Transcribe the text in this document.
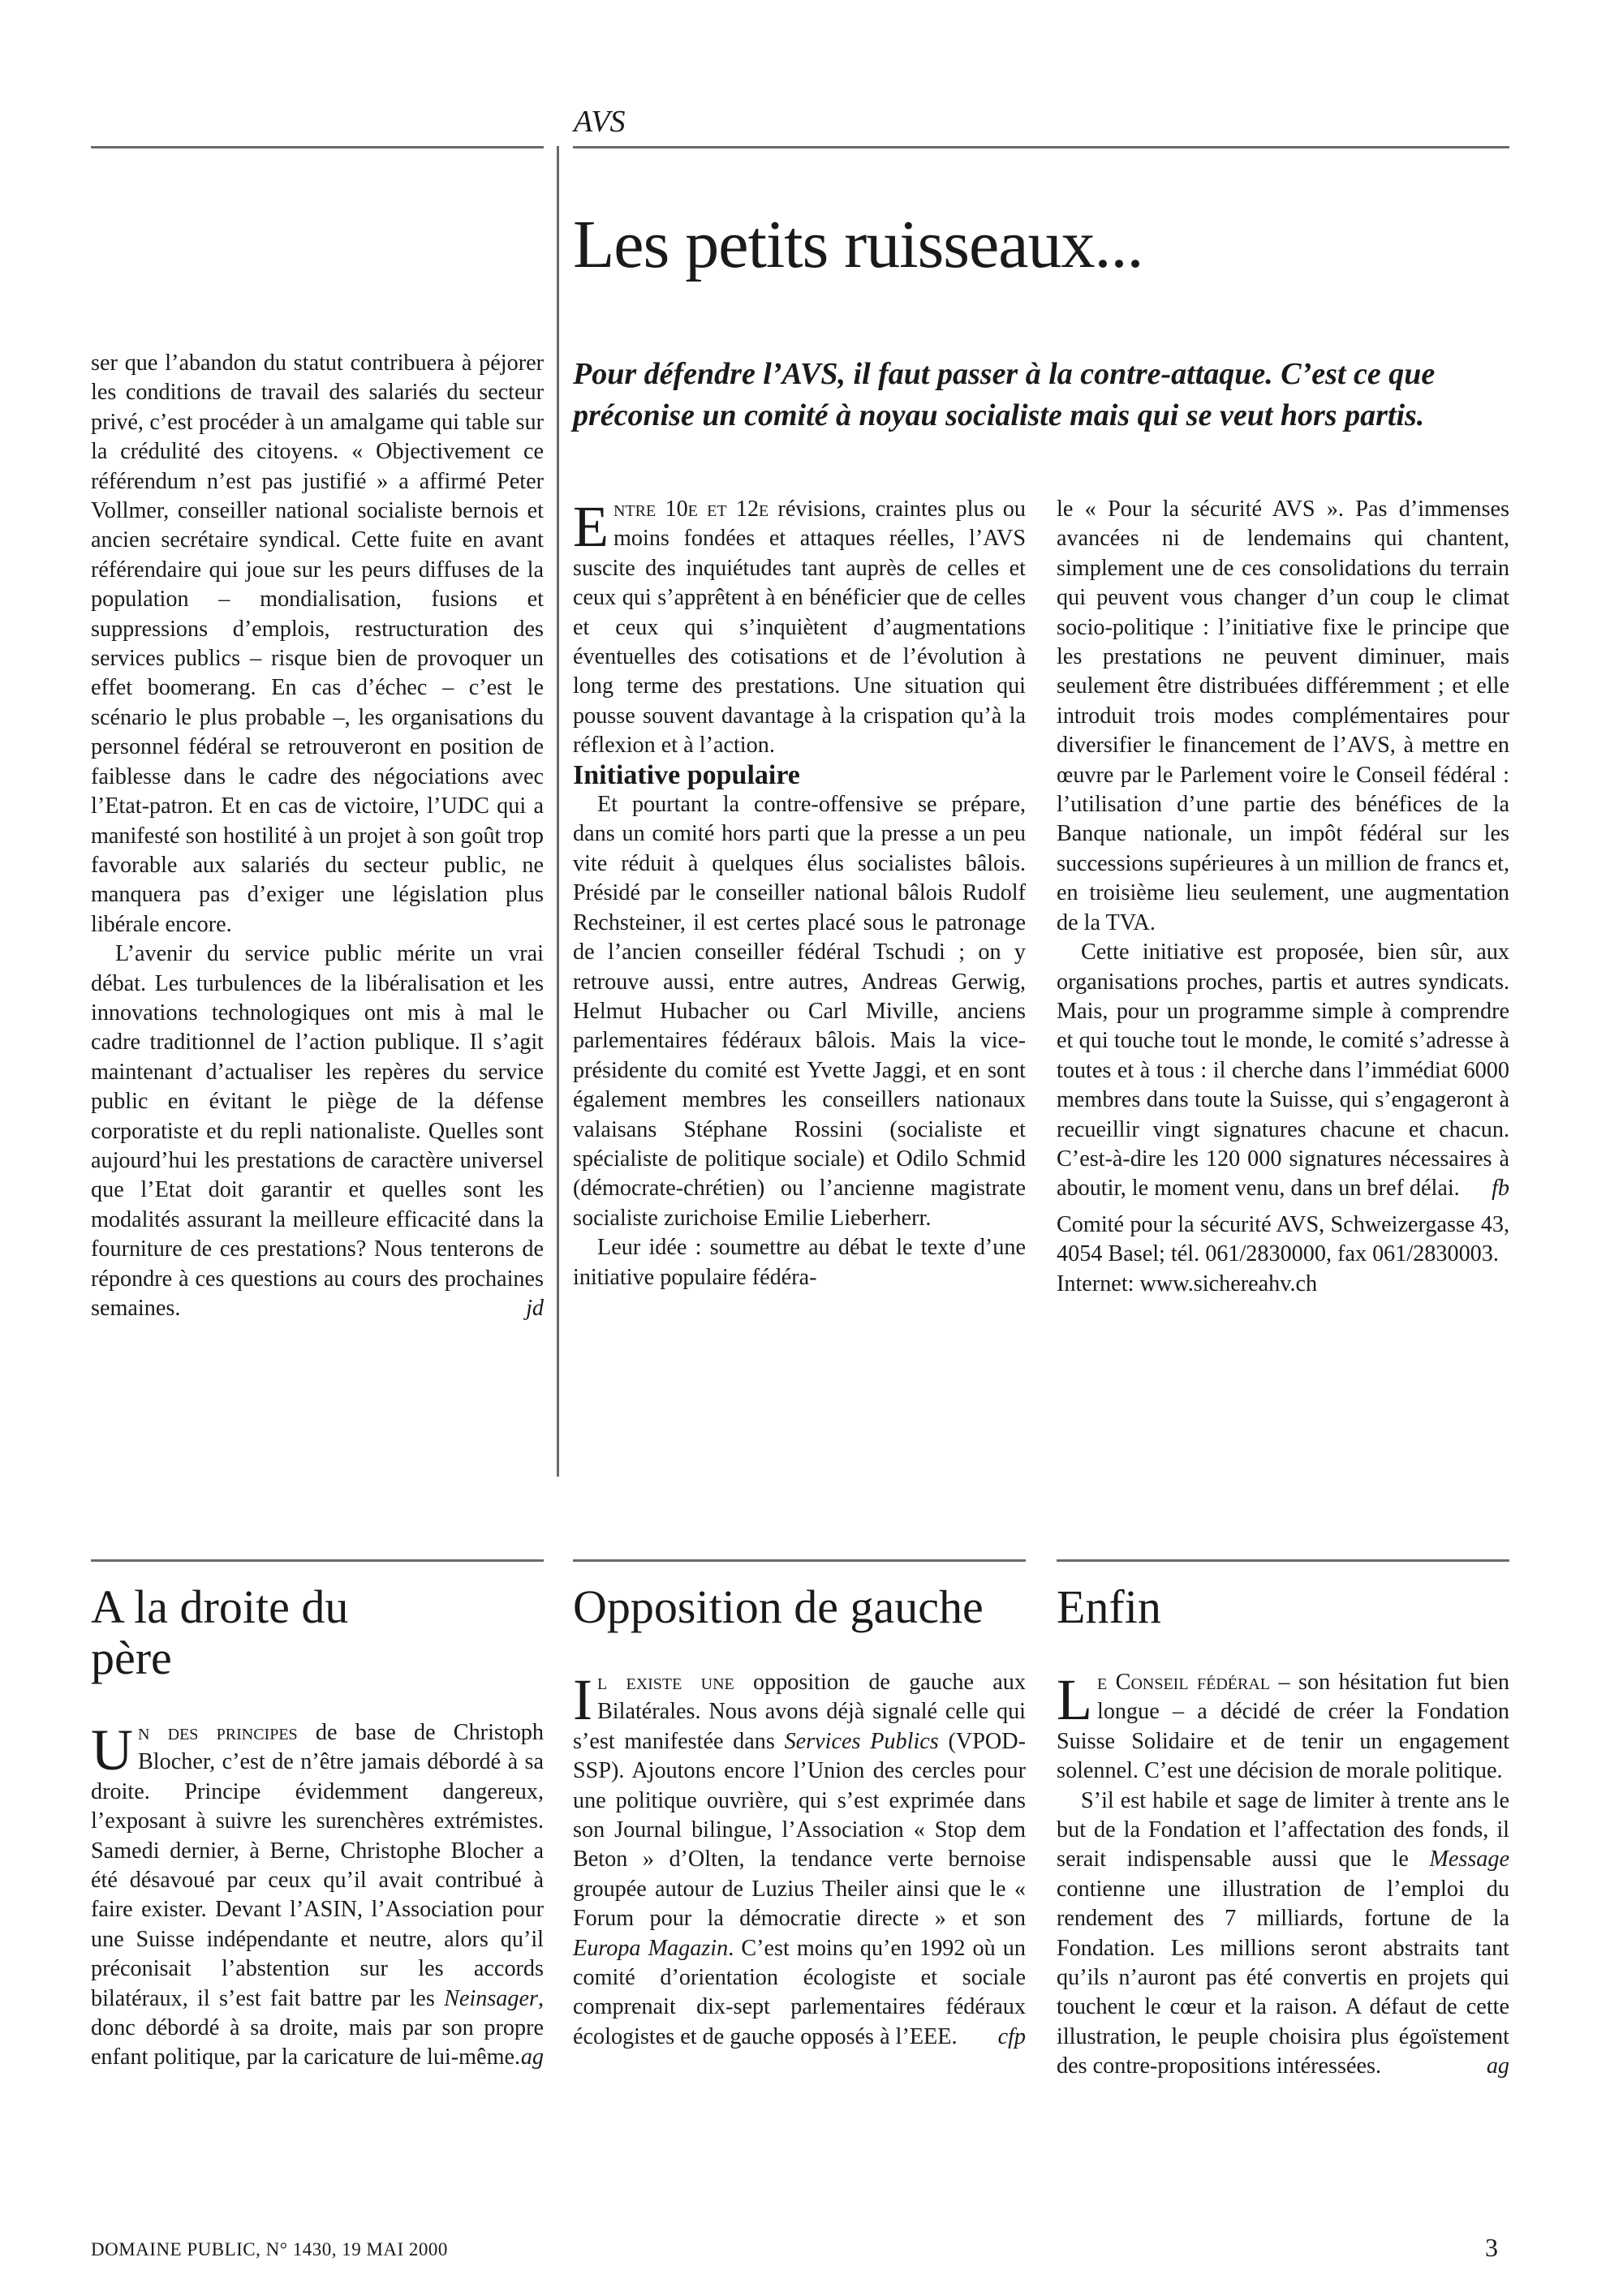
AVS
Les petits ruisseaux...
Pour défendre l’AVS, il faut passer à la contre-attaque. C’est ce que préconise un comité à noyau socialiste mais qui se veut hors partis.

ser que l’abandon du statut contribuera à péjorer les conditions de travail des salariés du secteur privé, c’est procéder à un amalgame qui table sur la crédulité des citoyens. « Objectivement ce référendum n’est pas justifié » a affirmé Peter Vollmer, conseiller national socialiste bernois et ancien secrétaire syndical. Cette fuite en avant référendaire qui joue sur les peurs diffuses de la population – mondialisation, fusions et suppressions d’emplois, restructuration des services publics – risque bien de provoquer un effet boomerang. En cas d’échec – c’est le scénario le plus probable –, les organisations du personnel fédéral se retrouveront en position de faiblesse dans le cadre des négociations avec l’Etat-patron. Et en cas de victoire, l’UDC qui a manifesté son hostilité à un projet à son goût trop favorable aux salariés du secteur public, ne manquera pas d’exiger une législation plus libérale encore.

L’avenir du service public mérite un vrai débat. Les turbulences de la libéralisation et les innovations technologiques ont mis à mal le cadre traditionnel de l’action publique. Il s’agit maintenant d’actualiser les repères du service public en évitant le piège de la défense corporatiste et du repli nationaliste. Quelles sont aujourd’hui les prestations de caractère universel que l’Etat doit garantir et quelles sont les modalités assurant la meilleure efficacité dans la fourniture de ces prestations? Nous tenterons de répondre à ces questions au cours des prochaines semaines.	jd

Entre 10e et 12e révisions, craintes plus ou moins fondées et attaques réelles, l’AVS suscite des inquiétudes tant auprès de celles et ceux qui s’apprêtent à en bénéficier que de celles et ceux qui s’inquiètent d’augmentations éventuelles des cotisations et de l’évolution à long terme des prestations. Une situation qui pousse souvent davantage à la crispation qu’à la réflexion et à l’action.

Initiative populaire

Et pourtant la contre-offensive se prépare, dans un comité hors parti que la presse a un peu vite réduit à quelques élus socialistes bâlois. Présidé par le conseiller national bâlois Rudolf Rechsteiner, il est certes placé sous le patronage de l’ancien conseiller fédéral Tschudi ; on y retrouve aussi, entre autres, Andreas Gerwig, Helmut Hubacher ou Carl Miville, anciens parlementaires fédéraux bâlois. Mais la vice-présidente du comité est Yvette Jaggi, et en sont également membres les conseillers nationaux valaisans Stéphane Rossini (socialiste et spécialiste de politique sociale) et Odilo Schmid (démocrate-chrétien) ou l’ancienne magistrate socialiste zurichoise Emilie Lieberherr.

Leur idée : soumettre au débat le texte d’une initiative populaire fédéra-

le « Pour la sécurité AVS ». Pas d’immenses avancées ni de lendemains qui chantent, simplement une de ces consolidations du terrain qui peuvent vous changer d’un coup le climat socio-politique : l’initiative fixe le principe que les prestations ne peuvent diminuer, mais seulement être distribuées différemment ; et elle introduit trois modes complémentaires pour diversifier le financement de l’AVS, à mettre en œuvre par le Parlement voire le Conseil fédéral : l’utilisation d’une partie des bénéfices de la Banque nationale, un impôt fédéral sur les successions supérieures à un million de francs et, en troisième lieu seulement, une augmentation de la TVA.

Cette initiative est proposée, bien sûr, aux organisations proches, partis et autres syndicats. Mais, pour un programme simple à comprendre et qui touche tout le monde, le comité s’adresse à toutes et à tous : il cherche dans l’immédiat 6000 membres dans toute la Suisse, qui s’engageront à recueillir vingt signatures chacune et chacun. C’est-à-dire les 120 000 signatures nécessaires à aboutir, le moment venu, dans un bref délai.	fb

Comité pour la sécurité AVS, Schweizergasse 43, 4054 Basel; tél. 061/2830000, fax 061/2830003.

Internet: www.sichereahv.ch

A la droite du père

Un des principes de base de Christoph Blocher, c’est de n’être jamais débordé à sa droite. Principe évidemment dangereux, l’exposant à suivre les surenchères extrémistes. Samedi dernier, à Berne, Christophe Blocher a été désavoué par ceux qu’il avait contribué à faire exister. Devant l’ASIN, l’Association pour une Suisse indépendante et neutre, alors qu’il préconisait l’abstention sur les accords bilatéraux, il s’est fait battre par les Neinsager, donc débordé à sa droite, mais par son propre enfant politique, par la caricature de lui-même. ag

Opposition de gauche

Il existe une opposition de gauche aux Bilatérales. Nous avons déjà signalé celle qui s’est manifestée dans Services Publics (VPOD-SSP). Ajoutons encore l’Union des cercles pour une politique ouvrière, qui s’est exprimée dans son Journal bilingue, l’Association « Stop dem Beton » d’Olten, la tendance verte bernoise groupée autour de Luzius Theiler ainsi que le « Forum pour la démocratie directe » et son Europa Magazin. C’est moins qu’en 1992 où un comité d’orientation écologiste et sociale comprenait dix-sept parlementaires fédéraux écologistes et de gauche opposés à l’EEE. cfp

Enfin

Le Conseil fédéral – son hésitation fut bien longue – a décidé de créer la Fondation Suisse Solidaire et de tenir un engagement solennel. C’est une décision de morale politique.

S’il est habile et sage de limiter à trente ans le but de la Fondation et l’affectation des fonds, il serait indispensable aussi que le Message contienne une illustration de l’emploi du rendement des 7 milliards, fortune de la Fondation. Les millions seront abstraits tant qu’ils n’auront pas été convertis en projets qui touchent le cœur et la raison. A défaut de cette illustration, le peuple choisira plus égoïstement des contre-propositions intéressées.	ag

DOMAINE PUBLIC, N° 1430, 19 MAI 2000	3
